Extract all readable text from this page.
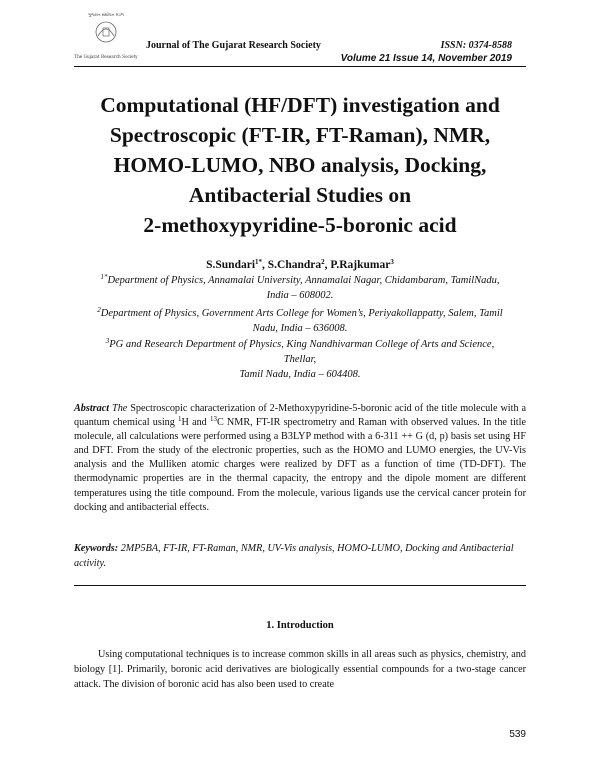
ગુજરાત સંશોધન મંડળ
The Gujarat Research Society
Journal of The Gujarat Research Society	ISSN: 0374-8588
Volume 21 Issue 14, November 2019
Computational (HF/DFT) investigation and
Spectroscopic (FT-IR, FT-Raman), NMR,
HOMO-LUMO, NBO analysis, Docking,
Antibacterial Studies on
2-methoxypyridine-5-boronic acid
S.Sundari$^{1*}$, S.Chandra$^2$, P.Rajkumar$^3$
$^{1*}$Department of Physics, Annamalai University, Annamalai Nagar, Chidambaram, TamilNadu,
India – 608002.
$^2$Department of Physics, Government Arts College for Women’s, Periyakollappatty, Salem, Tamil
Nadu, India – 636008.
$^3$PG and Research Department of Physics, King Nandhivarman College of Arts and Science,
Thellar,
Tamil Nadu, India – 604408.
Abstract The Spectroscopic characterization of 2-Methoxypyridine-5-boronic acid of the title molecule with a quantum chemical using $^1$H and $^{13}$C NMR, FT-IR spectrometry and Raman with observed values. In the title molecule, all calculations were performed using a B3LYP method with a 6-311 ++ G (d, p) basis set using HF and DFT. From the study of the electronic properties, such as the HOMO and LUMO energies, the UV-Vis analysis and the Mulliken atomic charges were realized by DFT as a function of time (TD-DFT). The thermodynamic properties are in the thermal capacity, the entropy and the dipole moment are different temperatures using the title compound. From the molecule, various ligands use the cervical cancer protein for docking and antibacterial effects.
Keywords: 2MP5BA, FT-IR, FT-Raman, NMR, UV-Vis analysis, HOMO-LUMO, Docking and Antibacterial activity.
1. Introduction
Using computational techniques is to increase common skills in all areas such as physics, chemistry, and biology [1]. Primarily, boronic acid derivatives are biologically essential compounds for a two-stage cancer attack. The division of boronic acid has also been used to create
539
